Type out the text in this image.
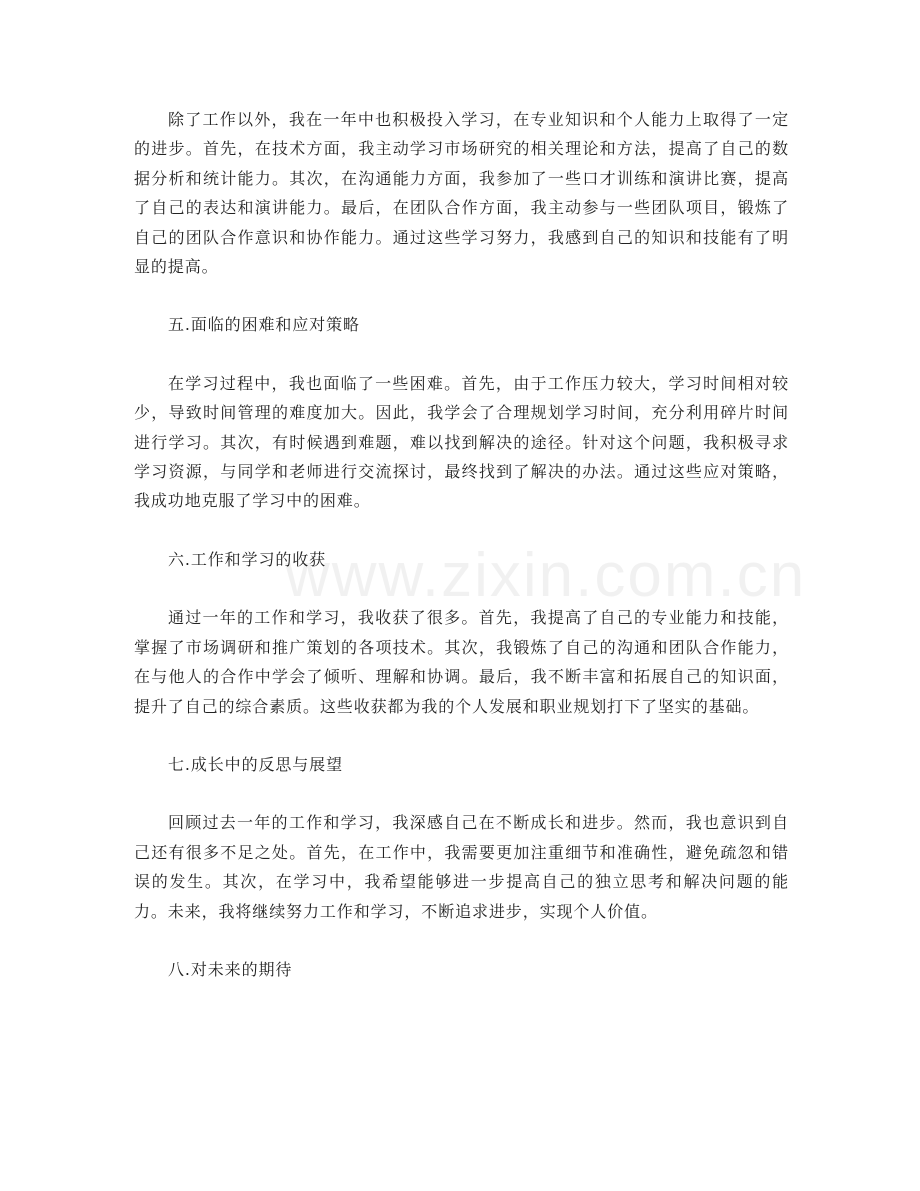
www.zixin.com.cn

除了工作以外，我在一年中也积极投入学习，在专业知识和个人能力上取得了一定的进步。首先，在技术方面，我主动学习市场研究的相关理论和方法，提高了自己的数据分析和统计能力。其次，在沟通能力方面，我参加了一些口才训练和演讲比赛，提高了自己的表达和演讲能力。最后，在团队合作方面，我主动参与一些团队项目，锻炼了自己的团队合作意识和协作能力。通过这些学习努力，我感到自己的知识和技能有了明显的提高。

五.面临的困难和应对策略

在学习过程中，我也面临了一些困难。首先，由于工作压力较大，学习时间相对较少，导致时间管理的难度加大。因此，我学会了合理规划学习时间，充分利用碎片时间进行学习。其次，有时候遇到难题，难以找到解决的途径。针对这个问题，我积极寻求学习资源，与同学和老师进行交流探讨，最终找到了解决的办法。通过这些应对策略，我成功地克服了学习中的困难。

六.工作和学习的收获

通过一年的工作和学习，我收获了很多。首先，我提高了自己的专业能力和技能，掌握了市场调研和推广策划的各项技术。其次，我锻炼了自己的沟通和团队合作能力，在与他人的合作中学会了倾听、理解和协调。最后，我不断丰富和拓展自己的知识面，提升了自己的综合素质。这些收获都为我的个人发展和职业规划打下了坚实的基础。

七.成长中的反思与展望

回顾过去一年的工作和学习，我深感自己在不断成长和进步。然而，我也意识到自己还有很多不足之处。首先，在工作中，我需要更加注重细节和准确性，避免疏忽和错误的发生。其次，在学习中，我希望能够进一步提高自己的独立思考和解决问题的能力。未来，我将继续努力工作和学习，不断追求进步，实现个人价值。

八.对未来的期待
